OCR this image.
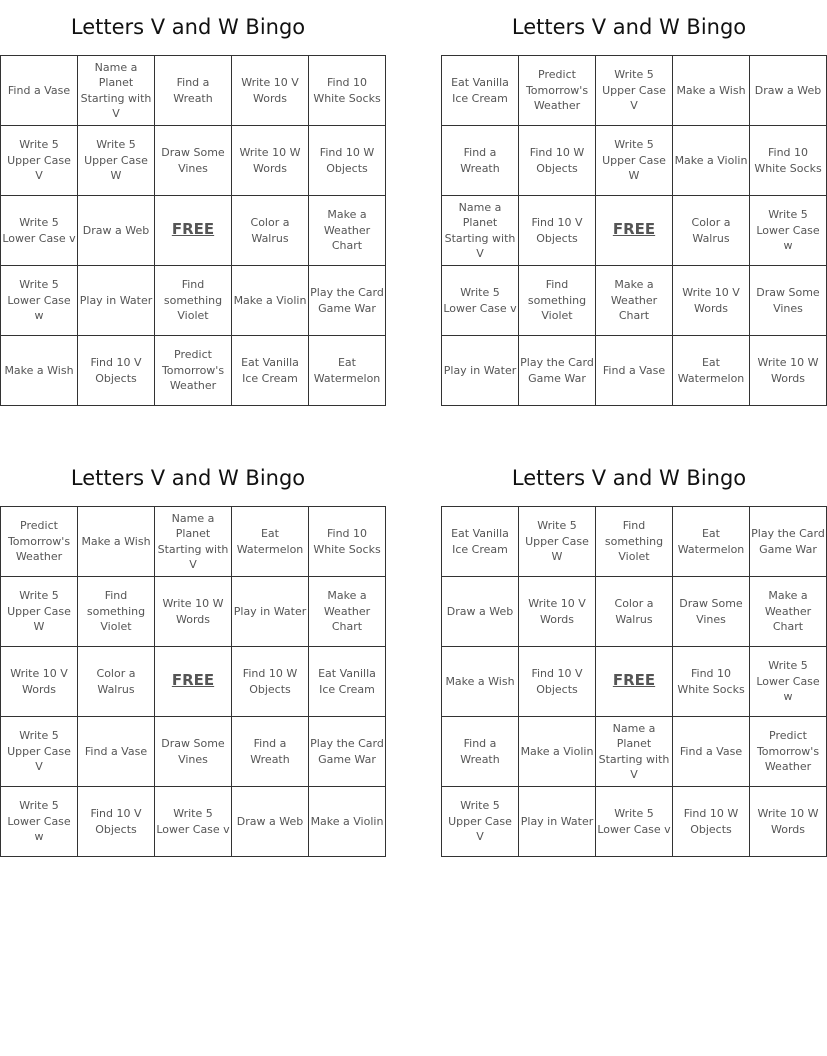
Letters V and W Bingo
Find a Vase	Name a Planet Starting with V	Find a Wreath	Write 10 V Words	Find 10 White Socks
Write 5 Upper Case V	Write 5 Upper Case W	Draw Some Vines	Write 10 W Words	Find 10 W Objects
Write 5 Lower Case v	Draw a Web	FREE	Color a Walrus	Make a Weather Chart
Write 5 Lower Case w	Play in Water	Find something Violet	Make a Violin	Play the Card Game War
Make a Wish	Find 10 V Objects	Predict Tomorrow's Weather	Eat Vanilla Ice Cream	Eat Watermelon
Letters V and W Bingo
Eat Vanilla Ice Cream	Predict Tomorrow's Weather	Write 5 Upper Case V	Make a Wish	Draw a Web
Find a Wreath	Find 10 W Objects	Write 5 Upper Case W	Make a Violin	Find 10 White Socks
Name a Planet Starting with V	Find 10 V Objects	FREE	Color a Walrus	Write 5 Lower Case w
Write 5 Lower Case v	Find something Violet	Make a Weather Chart	Write 10 V Words	Draw Some Vines
Play in Water	Play the Card Game War	Find a Vase	Eat Watermelon	Write 10 W Words
Letters V and W Bingo
Predict Tomorrow's Weather	Make a Wish	Name a Planet Starting with V	Eat Watermelon	Find 10 White Socks
Write 5 Upper Case W	Find something Violet	Write 10 W Words	Play in Water	Make a Weather Chart
Write 10 V Words	Color a Walrus	FREE	Find 10 W Objects	Eat Vanilla Ice Cream
Write 5 Upper Case V	Find a Vase	Draw Some Vines	Find a Wreath	Play the Card Game War
Write 5 Lower Case w	Find 10 V Objects	Write 5 Lower Case v	Draw a Web	Make a Violin
Letters V and W Bingo
Eat Vanilla Ice Cream	Write 5 Upper Case W	Find something Violet	Eat Watermelon	Play the Card Game War
Draw a Web	Write 10 V Words	Color a Walrus	Draw Some Vines	Make a Weather Chart
Make a Wish	Find 10 V Objects	FREE	Find 10 White Socks	Write 5 Lower Case w
Find a Wreath	Make a Violin	Name a Planet Starting with V	Find a Vase	Predict Tomorrow's Weather
Write 5 Upper Case V	Play in Water	Write 5 Lower Case v	Find 10 W Objects	Write 10 W Words
